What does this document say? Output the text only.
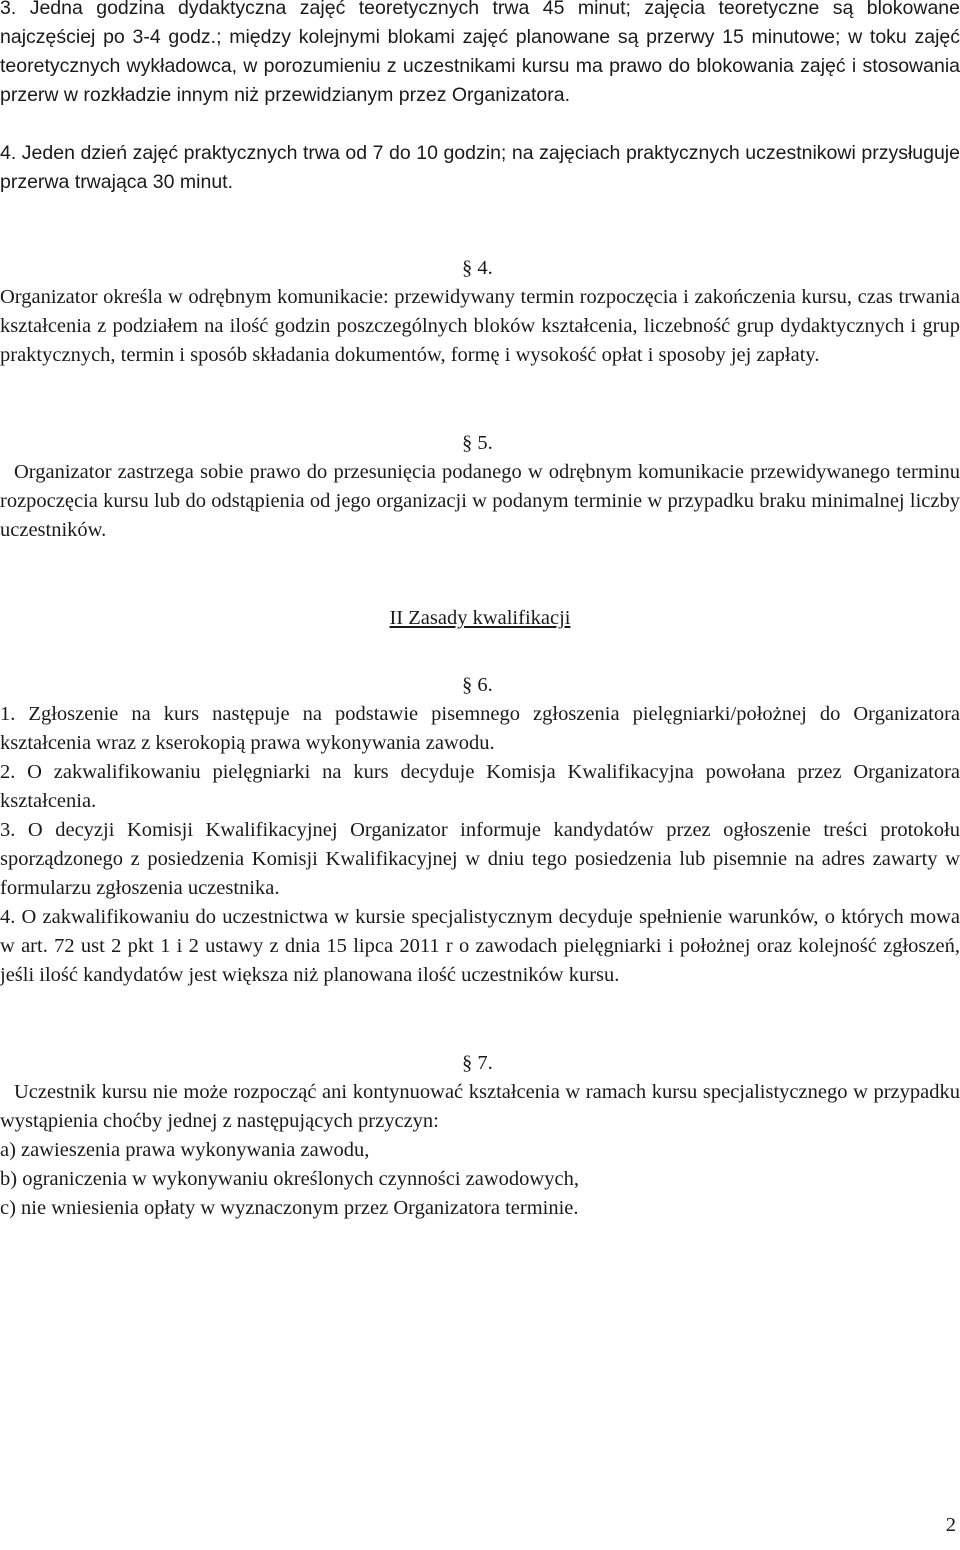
3. Jedna godzina dydaktyczna zajęć teoretycznych trwa 45 minut; zajęcia teoretyczne są blokowane najczęściej po 3-4 godz.; między kolejnymi blokami zajęć planowane są przerwy 15 minutowe; w toku zajęć teoretycznych wykładowca, w porozumieniu z uczestnikami kursu ma prawo do blokowania zajęć i stosowania przerw w rozkładzie innym niż przewidzianym przez Organizatora.

4. Jeden dzień zajęć praktycznych trwa od 7 do 10 godzin; na zajęciach praktycznych uczestnikowi przysługuje przerwa trwająca 30 minut.

§ 4.

Organizator określa w odrębnym komunikacie: przewidywany termin rozpoczęcia i zakończenia kursu, czas trwania kształcenia z podziałem na ilość godzin poszczególnych bloków kształcenia, liczebność grup dydaktycznych i grup praktycznych, termin i sposób składania dokumentów, formę i wysokość opłat i sposoby jej zapłaty.

§ 5.

Organizator zastrzega sobie prawo do przesunięcia podanego w odrębnym komunikacie przewidywanego terminu rozpoczęcia kursu lub do odstąpienia od jego organizacji w podanym terminie w przypadku braku minimalnej liczby uczestników.

II Zasady kwalifikacji
§ 6.

1. Zgłoszenie na kurs następuje na podstawie pisemnego zgłoszenia pielęgniarki/położnej do Organizatora kształcenia wraz z kserokopią prawa wykonywania zawodu.

2. O zakwalifikowaniu pielęgniarki na kurs decyduje Komisja Kwalifikacyjna powołana przez Organizatora kształcenia.

3. O decyzji Komisji Kwalifikacyjnej Organizator informuje kandydatów przez ogłoszenie treści protokołu sporządzonego z posiedzenia Komisji Kwalifikacyjnej w dniu tego posiedzenia lub pisemnie na adres zawarty w formularzu zgłoszenia uczestnika.

4. O zakwalifikowaniu do uczestnictwa w kursie specjalistycznym decyduje spełnienie warunków, o których mowa w art. 72 ust 2 pkt 1 i 2 ustawy z dnia 15 lipca 2011 r o zawodach pielęgniarki i położnej oraz kolejność zgłoszeń, jeśli ilość kandydatów jest większa niż planowana ilość uczestników kursu.

§ 7.

Uczestnik kursu nie może rozpocząć ani kontynuować kształcenia w ramach kursu specjalistycznego w przypadku wystąpienia choćby jednej z następujących przyczyn:

a) zawieszenia prawa wykonywania zawodu,

b) ograniczenia w wykonywaniu określonych czynności zawodowych,

c) nie wniesienia opłaty w wyznaczonym przez Organizatora terminie.

2
